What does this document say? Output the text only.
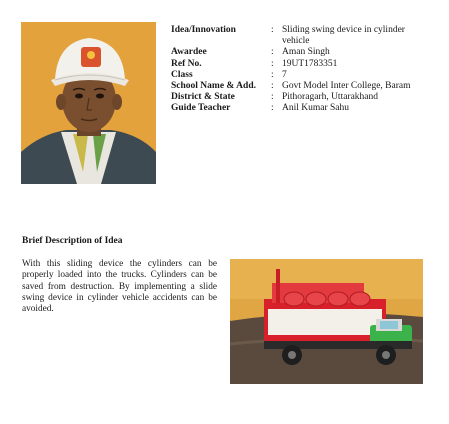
Idea/Innovation	: Sliding swing device in cylinder vehicle
Awardee	: Aman Singh
Ref No.	: 19UT1783351
Class	: 7
School Name & Add.	: Govt Model Inter College, Baram
District & State	: Pithoragarh, Uttarakhand
Guide Teacher	: Anil Kumar Sahu
Brief Description of Idea
With this sliding device the cylinders can be properly loaded into the trucks. Cylinders can be saved from destruction. By implementing a slide swing device in cylinder vehicle accidents can be avoided.
